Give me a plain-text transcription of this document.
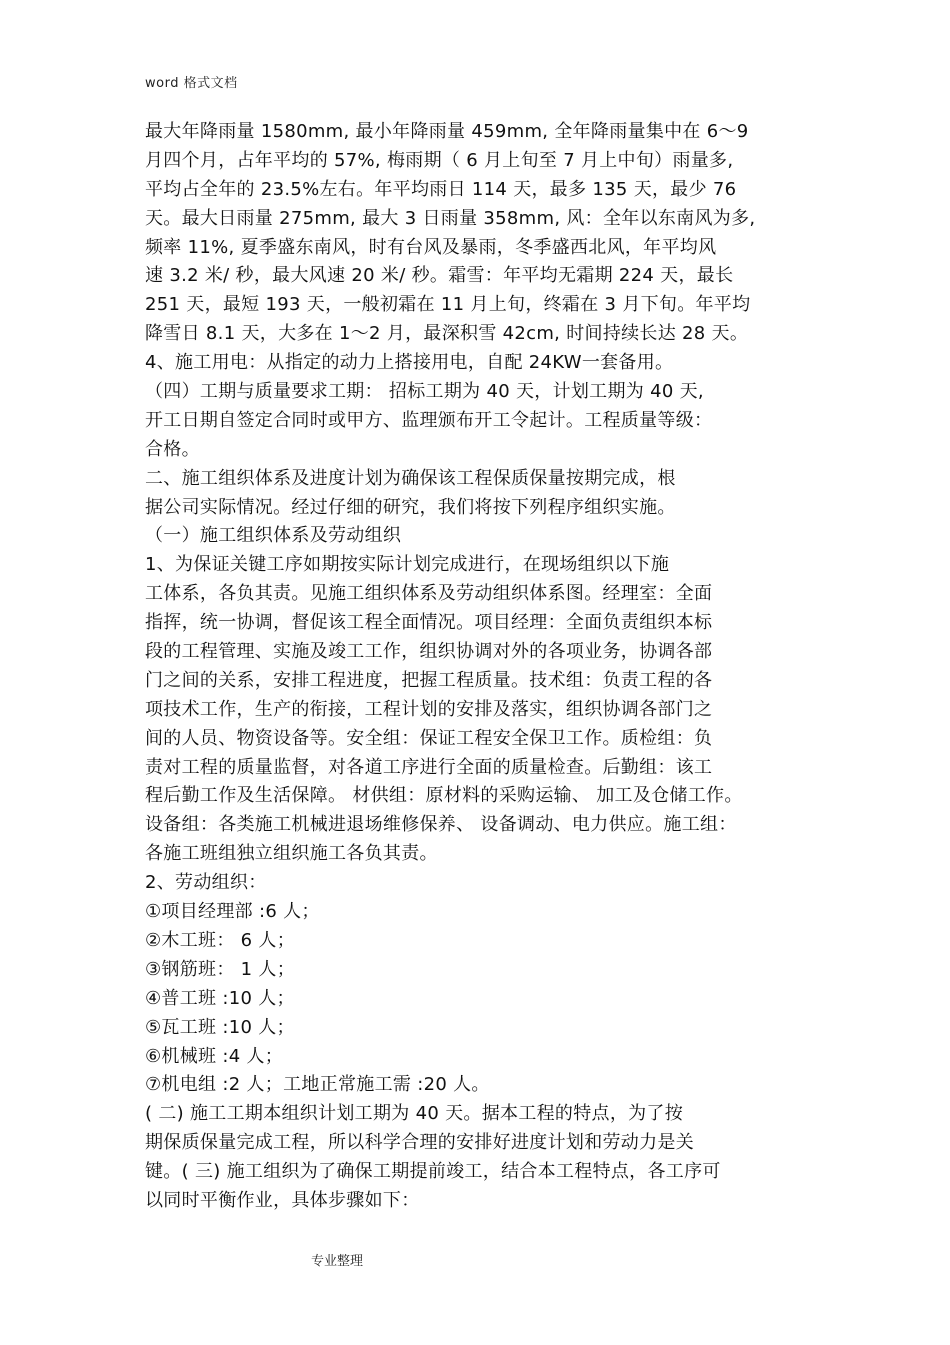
word 格式文档
最大年降雨量 1580mm, 最小年降雨量 459mm, 全年降雨量集中在 6～9
月四个月，占年平均的 57%, 梅雨期（ 6 月上旬至 7 月上中旬）雨量多,
平均占全年的 23.5%左右。年平均雨日 114 天，最多 135 天，最少 76
天。最大日雨量 275mm, 最大 3 日雨量 358mm, 风：全年以东南风为多,
频率 11%, 夏季盛东南风，时有台风及暴雨，冬季盛西北风，年平均风
速 3.2 米/ 秒，最大风速 20 米/ 秒。霜雪：年平均无霜期 224 天，最长
251 天，最短 193 天，一般初霜在 11 月上旬，终霜在 3 月下旬。年平均
降雪日 8.1 天，大多在 1～2 月，最深积雪 42cm, 时间持续长达 28 天。
4、施工用电：从指定的动力上搭接用电，自配 24KW一套备用。
（四）工期与质量要求工期： 招标工期为 40 天，计划工期为 40 天,
开工日期自签定合同时或甲方、监理颁布开工令起计。工程质量等级：
合格。
二、施工组织体系及进度计划为确保该工程保质保量按期完成，根
据公司实际情况。经过仔细的研究，我们将按下列程序组织实施。
（一）施工组织体系及劳动组织
1、为保证关键工序如期按实际计划完成进行，在现场组织以下施
工体系，各负其责。见施工组织体系及劳动组织体系图。经理室：全面
指挥，统一协调，督促该工程全面情况。项目经理：全面负责组织本标
段的工程管理、实施及竣工工作，组织协调对外的各项业务，协调各部
门之间的关系，安排工程进度，把握工程质量。技术组：负责工程的各
项技术工作，生产的衔接，工程计划的安排及落实，组织协调各部门之
间的人员、物资设备等。安全组：保证工程安全保卫工作。质检组：负
责对工程的质量监督，对各道工序进行全面的质量检查。后勤组：该工
程后勤工作及生活保障。 材供组：原材料的采购运输、 加工及仓储工作。
设备组：各类施工机械进退场维修保养、 设备调动、电力供应。施工组：
各施工班组独立组织施工各负其责。
2、劳动组织：
①项目经理部 :6 人；
②木工班： 6 人；
③钢筋班： 1 人；
④普工班 :10 人；
⑤瓦工班 :10 人；
⑥机械班 :4 人；
⑦机电组 :2 人；工地正常施工需 :20 人。
( 二) 施工工期本组织计划工期为 40 天。据本工程的特点，为了按
期保质保量完成工程，所以科学合理的安排好进度计划和劳动力是关
键。( 三) 施工组织为了确保工期提前竣工，结合本工程特点，各工序可
以同时平衡作业，具体步骤如下：
专业整理
